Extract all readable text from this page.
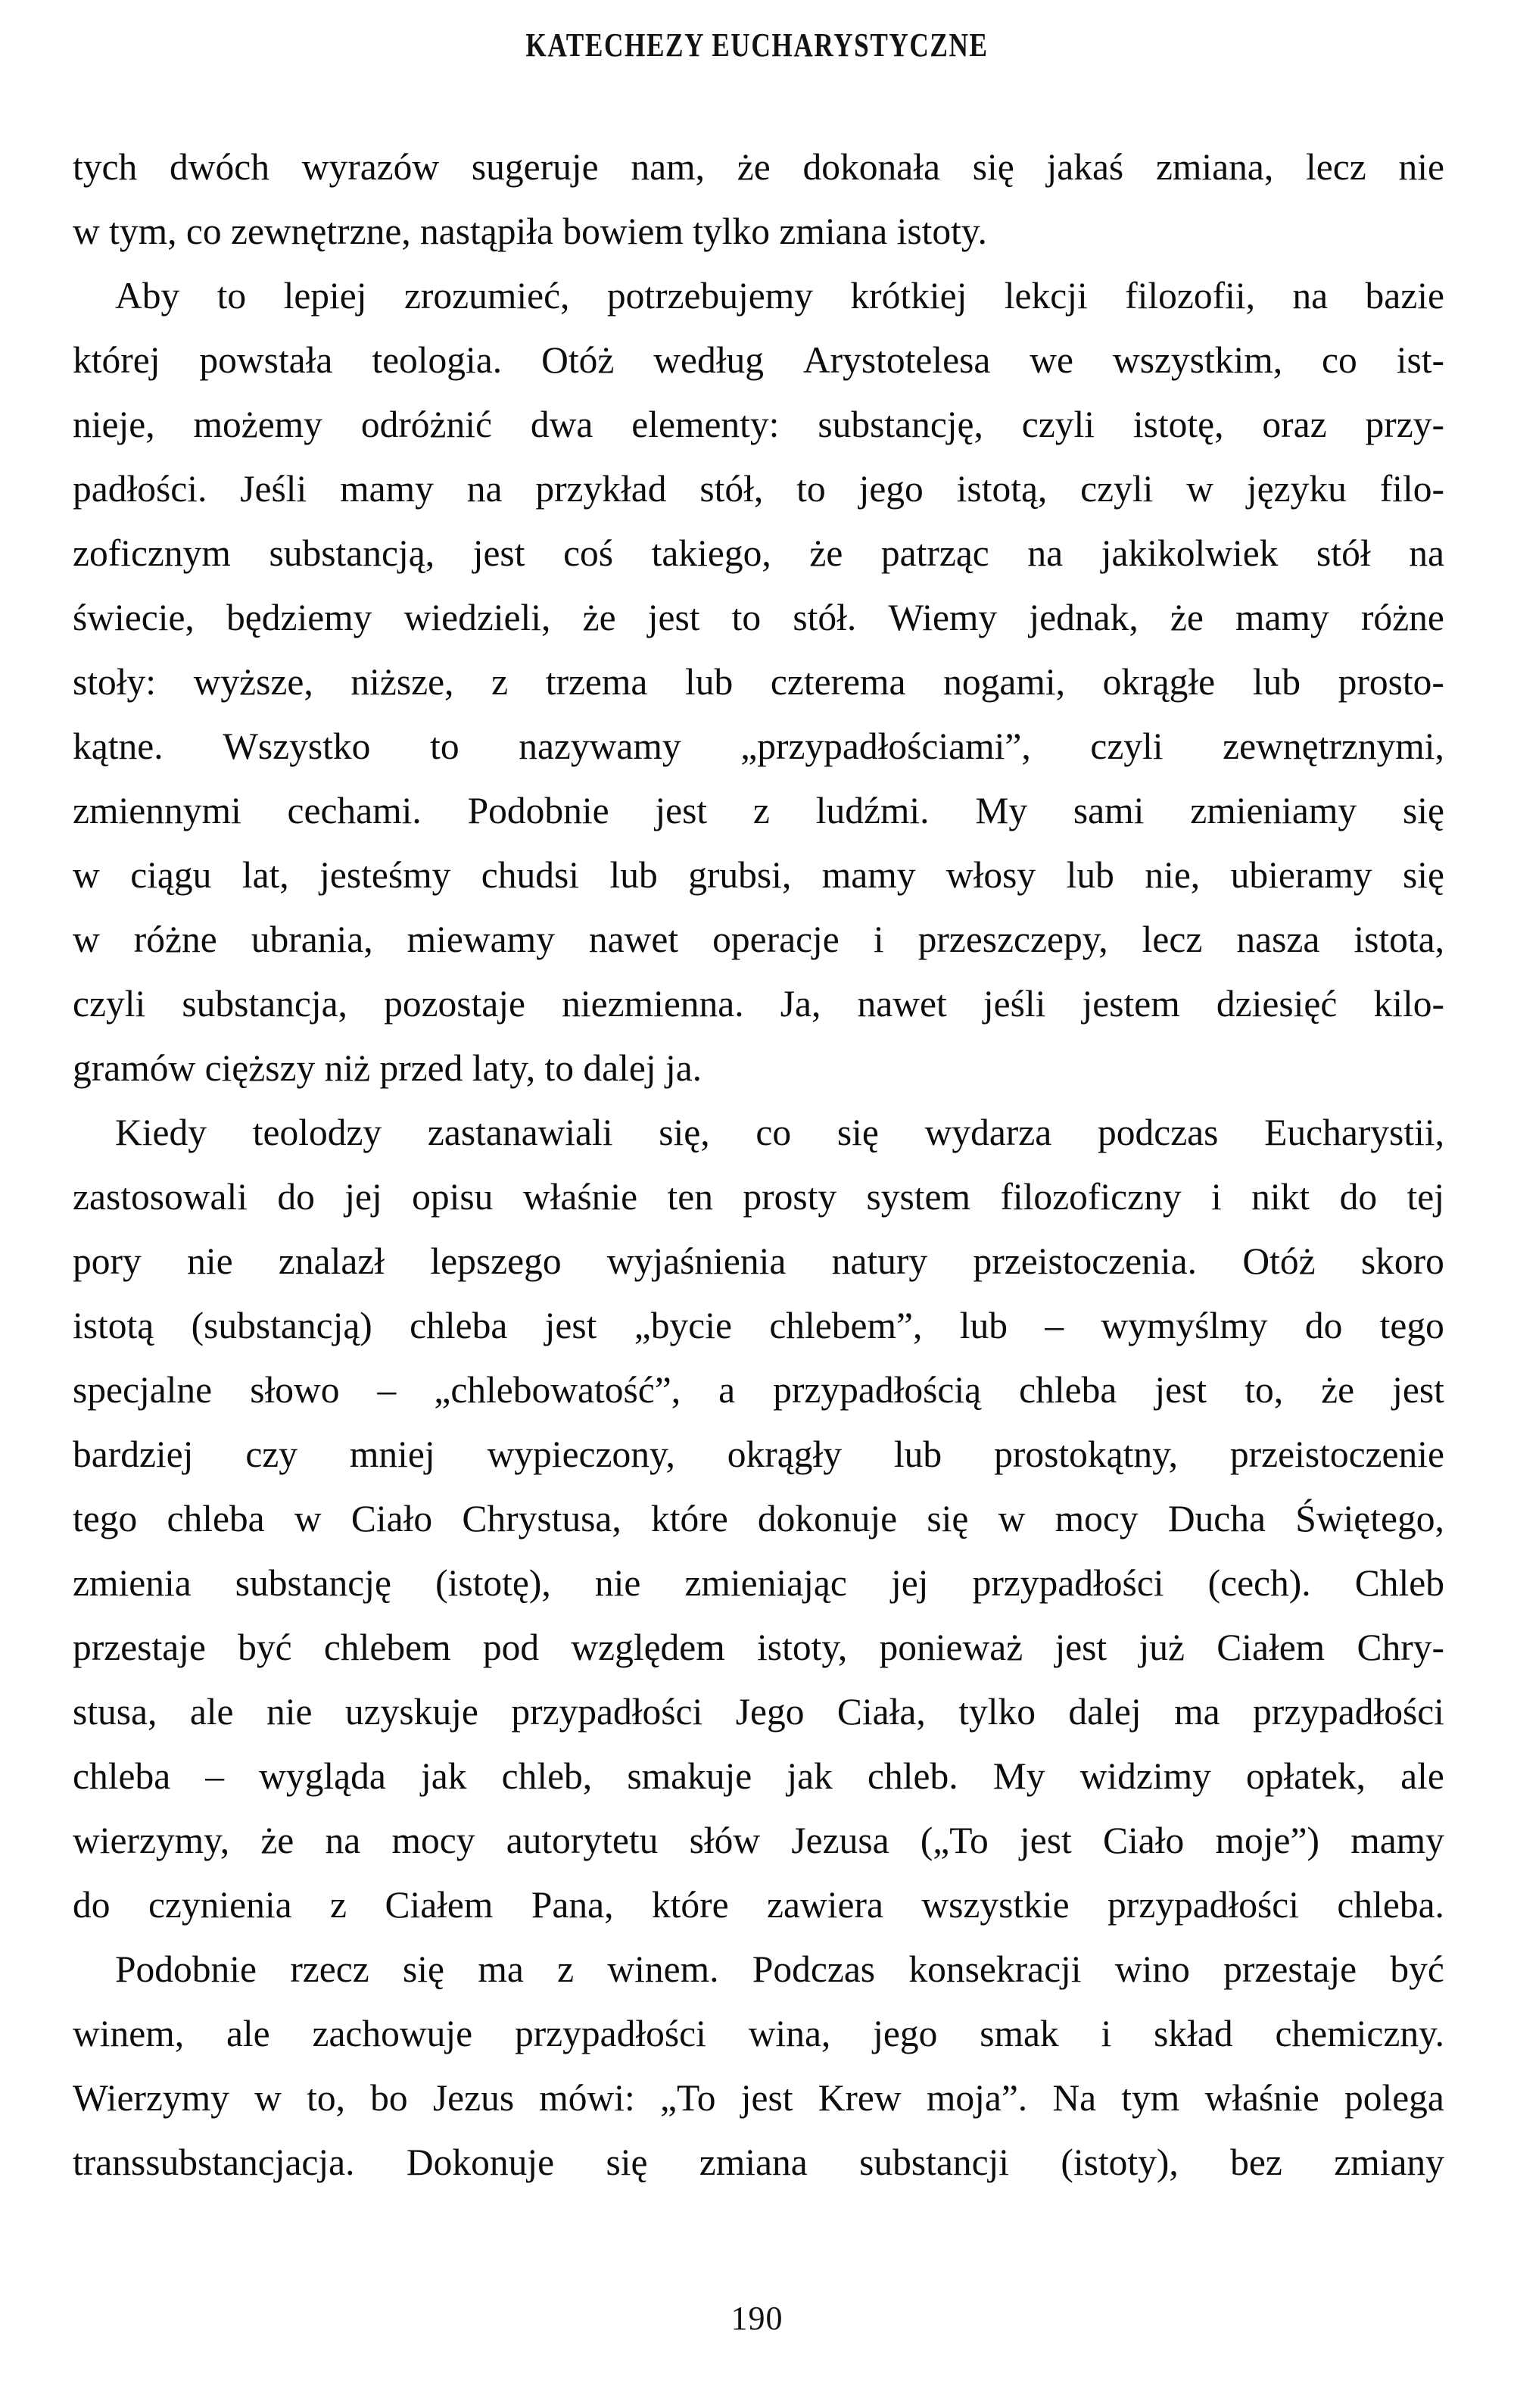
KATECHEZY EUCHARYSTYCZNE

tych dwóch wyrazów sugeruje nam, że dokonała się jakaś zmiana, lecz nie
w tym, co zewnętrzne, nastąpiła bowiem tylko zmiana istoty.

Aby to lepiej zrozumieć, potrzebujemy krótkiej lekcji filozofii, na bazie
której powstała teologia. Otóż według Arystotelesa we wszystkim, co ist-
nieje, możemy odróżnić dwa elementy: substancję, czyli istotę, oraz przy-
padłości. Jeśli mamy na przykład stół, to jego istotą, czyli w języku filo-
zoficznym substancją, jest coś takiego, że patrząc na jakikolwiek stół na
świecie, będziemy wiedzieli, że jest to stół. Wiemy jednak, że mamy różne
stoły: wyższe, niższe, z trzema lub czterema nogami, okrągłe lub prosto-
kątne. Wszystko to nazywamy „przypadłościami”, czyli zewnętrznymi,
zmiennymi cechami. Podobnie jest z ludźmi. My sami zmieniamy się
w ciągu lat, jesteśmy chudsi lub grubsi, mamy włosy lub nie, ubieramy się
w różne ubrania, miewamy nawet operacje i przeszczepy, lecz nasza istota,
czyli substancja, pozostaje niezmienna. Ja, nawet jeśli jestem dziesięć kilo-
gramów cięższy niż przed laty, to dalej ja.

Kiedy teolodzy zastanawiali się, co się wydarza podczas Eucharystii,
zastosowali do jej opisu właśnie ten prosty system filozoficzny i nikt do tej
pory nie znalazł lepszego wyjaśnienia natury przeistoczenia. Otóż skoro
istotą (substancją) chleba jest „bycie chlebem”, lub – wymyślmy do tego
specjalne słowo – „chlebowatość”, a przypadłością chleba jest to, że jest
bardziej czy mniej wypieczony, okrągły lub prostokątny, przeistoczenie
tego chleba w Ciało Chrystusa, które dokonuje się w mocy Ducha Świętego,
zmienia substancję (istotę), nie zmieniając jej przypadłości (cech). Chleb
przestaje być chlebem pod względem istoty, ponieważ jest już Ciałem Chry-
stusa, ale nie uzyskuje przypadłości Jego Ciała, tylko dalej ma przypadłości
chleba – wygląda jak chleb, smakuje jak chleb. My widzimy opłatek, ale
wierzymy, że na mocy autorytetu słów Jezusa („To jest Ciało moje”) mamy
do czynienia z Ciałem Pana, które zawiera wszystkie przypadłości chleba.

Podobnie rzecz się ma z winem. Podczas konsekracji wino przestaje być
winem, ale zachowuje przypadłości wina, jego smak i skład chemiczny.
Wierzymy w to, bo Jezus mówi: „To jest Krew moja”. Na tym właśnie polega
transsubstancjacja. Dokonuje się zmiana substancji (istoty), bez zmiany

190
